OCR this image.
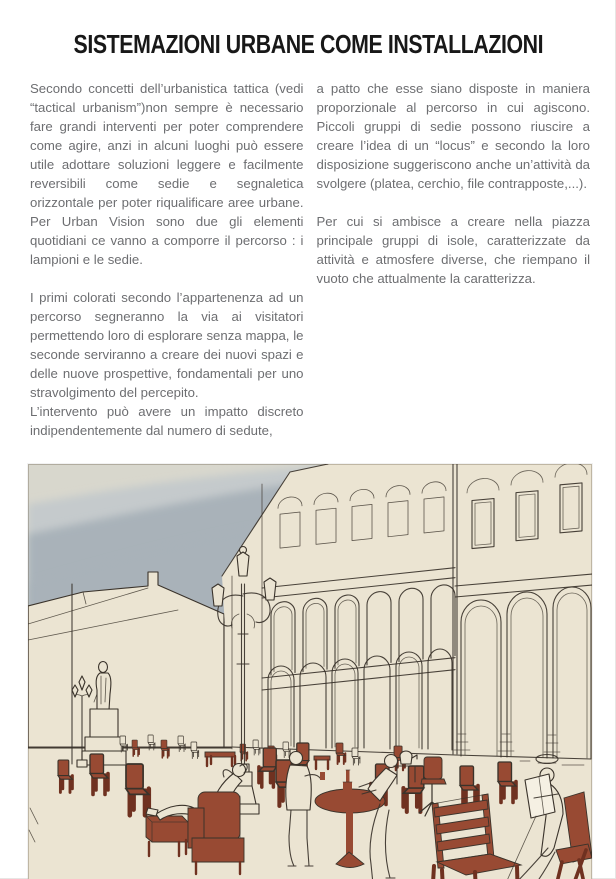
SISTEMAZIONI URBANE COME INSTALLAZIONI

Secondo concetti dell’urbanistica tattica (vedi “tactical urbanism”)non sempre è necessario fare grandi interventi per poter comprendere come agire, anzi in alcuni luoghi può essere utile adottare soluzioni leggere e facilmente reversibili come sedie e segnaletica orizzontale per poter riqualificare aree urbane. Per Urban Vision sono due gli elementi quotidiani ce vanno a comporre il percorso : i lampioni e le sedie.

I primi colorati secondo l’appartenenza ad un percorso segneranno la via ai visitatori permettendo loro di esplorare senza mappa, le seconde serviranno a creare dei nuovi spazi e delle nuove prospettive, fondamentali per uno stravolgimento del percepito.

L’intervento può avere un impatto discreto indipendentemente dal numero di sedute,

a patto che esse siano disposte in maniera proporzionale al percorso in cui agiscono. Piccoli gruppi di sedie possono riuscire a creare l’idea di un “locus” e secondo la loro disposizione suggeriscono anche un’attività da svolgere (platea, cerchio, file contrapposte,...).

Per cui si ambisce a creare nella piazza principale gruppi di isole, caratterizzate da attività e atmosfere diverse, che riempano il vuoto che attualmente la caratterizza.
